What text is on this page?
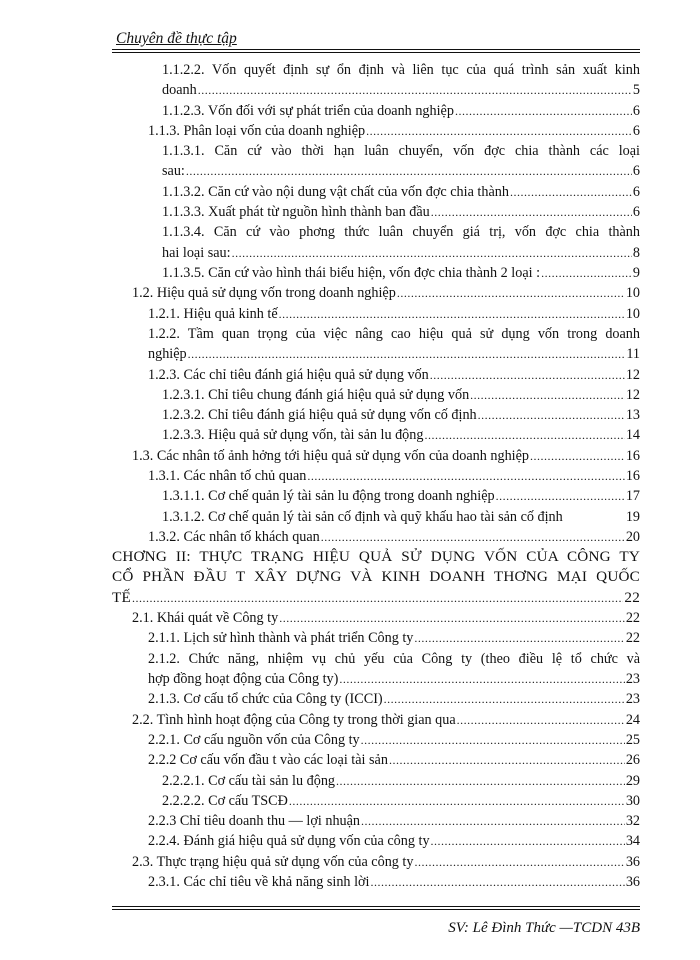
Chuyên đề thực tập
1.1.2.2. Vốn quyết định sự ổn định và liên tục của quá trình sản xuất kinh
doanh .....	5
1.1.2.3. Vốn đối với sự phát triển của doanh nghiệp .....	6
1.1.3. Phân loại vốn của doanh nghiệp .....	6
1.1.3.1. Căn cứ vào thời hạn luân chuyển, vốn đợc chia thành các loại
sau: .....	6
1.1.3.2. Căn cứ vào nội dung vật chất của vốn đợc chia thành .....	6
1.1.3.3. Xuất phát từ nguồn hình thành ban đầu .....	6
1.1.3.4. Căn cứ vào phơng thức luân chuyển giá trị, vốn đợc chia thành
hai loại sau: .....	8
1.1.3.5. Căn cứ vào hình thái biểu hiện, vốn đợc chia thành 2 loại : .....	9
1.2. Hiệu quả sử dụng vốn trong doanh nghiệp .....	10
1.2.1. Hiệu quả kinh tế .....	10
1.2.2. Tầm quan trọng của việc nâng cao hiệu quả sử dụng vốn trong doanh
nghiệp .....	11
1.2.3. Các chỉ tiêu đánh giá hiệu quả sử dụng vốn .....	12
1.2.3.1. Chỉ tiêu chung đánh giá hiệu quả sử dụng vốn .....	12
1.2.3.2. Chỉ tiêu đánh giá hiệu quả sử dụng vốn cố định .....	13
1.2.3.3. Hiệu quả sử dụng vốn, tài sản lu động .....	14
1.3. Các nhân tố ảnh hởng tới hiệu quả sử dụng vốn của doanh nghiệp .....	16
1.3.1. Các nhân tố chủ quan .....	16
1.3.1.1. Cơ chế quản lý tài sản lu động trong doanh nghiệp .....	17
1.3.1.2. Cơ chế quản lý tài sản cố định và quỹ khấu hao tài sản cố định	19
1.3.2. Các nhân tố khách quan .....	20
CHƠNG II: THỰC TRẠNG HIỆU QUẢ SỬ DỤNG VỐN CỦA CÔNG TY
CỔ PHẦN ĐẦU T XÂY DỰNG VÀ KINH DOANH THƠNG MẠI QUỐC
TẾ .....	22
2.1. Khái quát về Công ty .....	22
2.1.1. Lịch sử hình thành và phát triển Công ty .....	22
2.1.2. Chức năng, nhiệm vụ chủ yếu của Công ty (theo điều lệ tổ chức và
hợp đồng hoạt động của Công ty) .....	23
2.1.3. Cơ cấu tổ chức của Công ty (ICCI) .....	23
2.2. Tình hình hoạt động của Công ty trong thời gian qua .....	24
2.2.1. Cơ cấu nguồn vốn của Công ty .....	25
2.2.2 Cơ cấu vốn đầu t vào các loại tài sản .....	26
2.2.2.1. Cơ cấu tài sản lu động .....	29
2.2.2.2. Cơ cấu TSCĐ .....	30
2.2.3 Chỉ tiêu doanh thu — lợi nhuận .....	32
2.2.4. Đánh giá hiệu quả sử dụng vốn của công ty .....	34
2.3. Thực trạng hiệu quả sử dụng vốn của công ty .....	36
2.3.1. Các chỉ tiêu về khả năng sinh lời .....	36
SV: Lê Đình Thức —TCDN 43B
